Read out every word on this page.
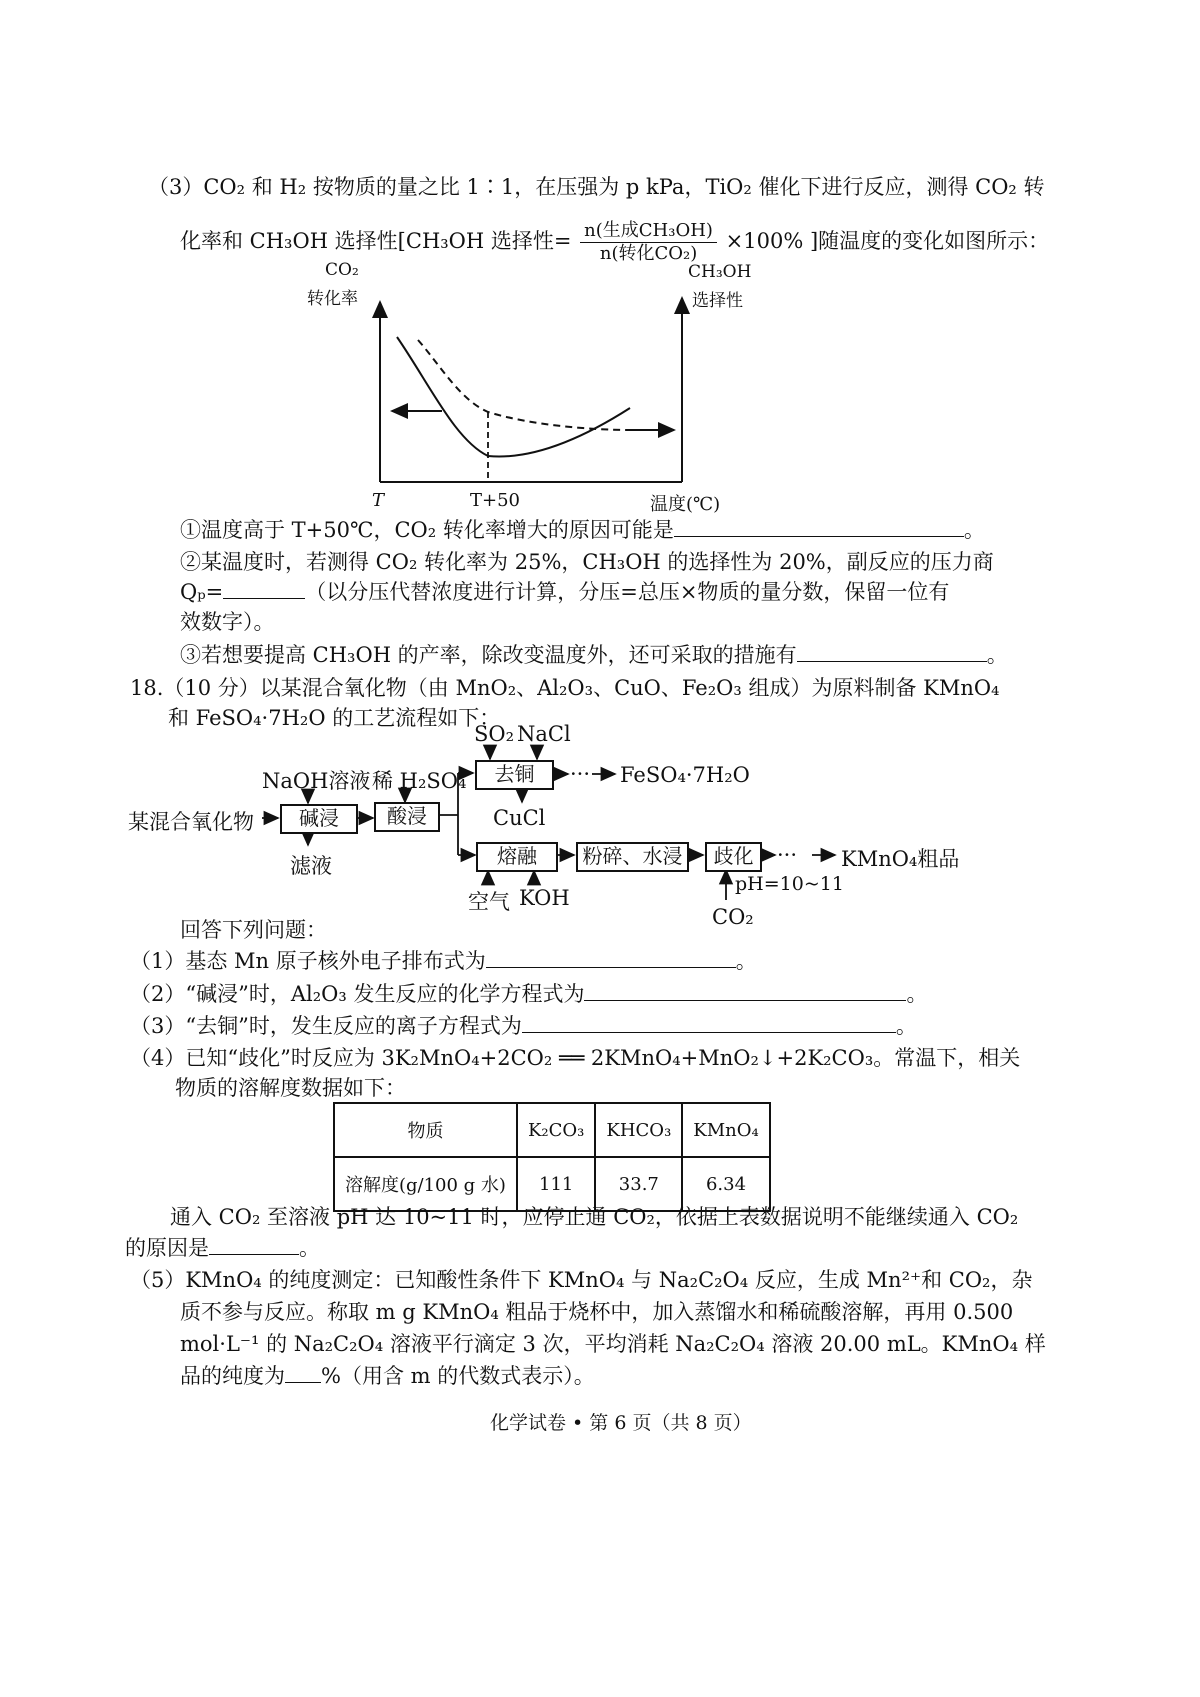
（3）CO₂ 和 H₂ 按物质的量之比 1∶1，在压强为 p kPa，TiO₂ 催化下进行反应，测得 CO₂ 转
化率和 CH₃OH 选择性[CH₃OH 选择性= n(生成CH₃OH)
n(转化CO₂)
×100% ]随温度的变化如图所示：
CO₂
转化率
CH₃OH
选择性
T	T+50	温度(℃)
①温度高于 T+50℃，CO₂ 转化率增大的原因可能是	。
②某温度时，若测得 CO₂ 转化率为 25%，CH₃OH 的选择性为 20%，副反应的压力商
Qₚ=	（以分压代替浓度进行计算，分压=总压×物质的量分数，保留一位有
效数字）。
③若想要提高 CH₃OH 的产率，除改变温度外，还可采取的措施有	。
18.（10 分）以某混合氧化物（由 MnO₂、Al₂O₃、CuO、Fe₂O₃ 组成）为原料制备 KMnO₄
和 FeSO₄·7H₂O 的工艺流程如下：
某混合氧化物
NaOH溶液
碱浸
滤液
稀 H₂SO₄
酸浸
SO₂ NaCl
去铜	··· FeSO₄·7H₂O
CuCl
熔融
空气 KOH
粉碎、水浸	歧化
pH=10~11
CO₂
··· KMnO₄粗品
回答下列问题：
（1）基态 Mn 原子核外电子排布式为	。
（2）“碱浸”时，Al₂O₃ 发生反应的化学方程式为	。
（3）“去铜”时，发生反应的离子方程式为	。
（4）已知“歧化”时反应为 3K₂MnO₄+2CO₂ ══ 2KMnO₄+MnO₂↓+2K₂CO₃。常温下，相关
物质的溶解度数据如下：
物质	K₂CO₃	KHCO₃	KMnO₄
溶解度(g/100 g 水)	111	33.7	6.34
通入 CO₂ 至溶液 pH 达 10~11 时，应停止通 CO₂，依据上表数据说明不能继续通入 CO₂
的原因是	。
（5）KMnO₄ 的纯度测定：已知酸性条件下 KMnO₄ 与 Na₂C₂O₄ 反应，生成 Mn²⁺和 CO₂，杂
质不参与反应。称取 m g KMnO₄ 粗品于烧杯中，加入蒸馏水和稀硫酸溶解，再用 0.500
mol·L⁻¹ 的 Na₂C₂O₄ 溶液平行滴定 3 次，平均消耗 Na₂C₂O₄ 溶液 20.00 mL。KMnO₄ 样
品的纯度为 %（用含 m 的代数式表示）。
化学试卷 • 第 6 页（共 8 页）
